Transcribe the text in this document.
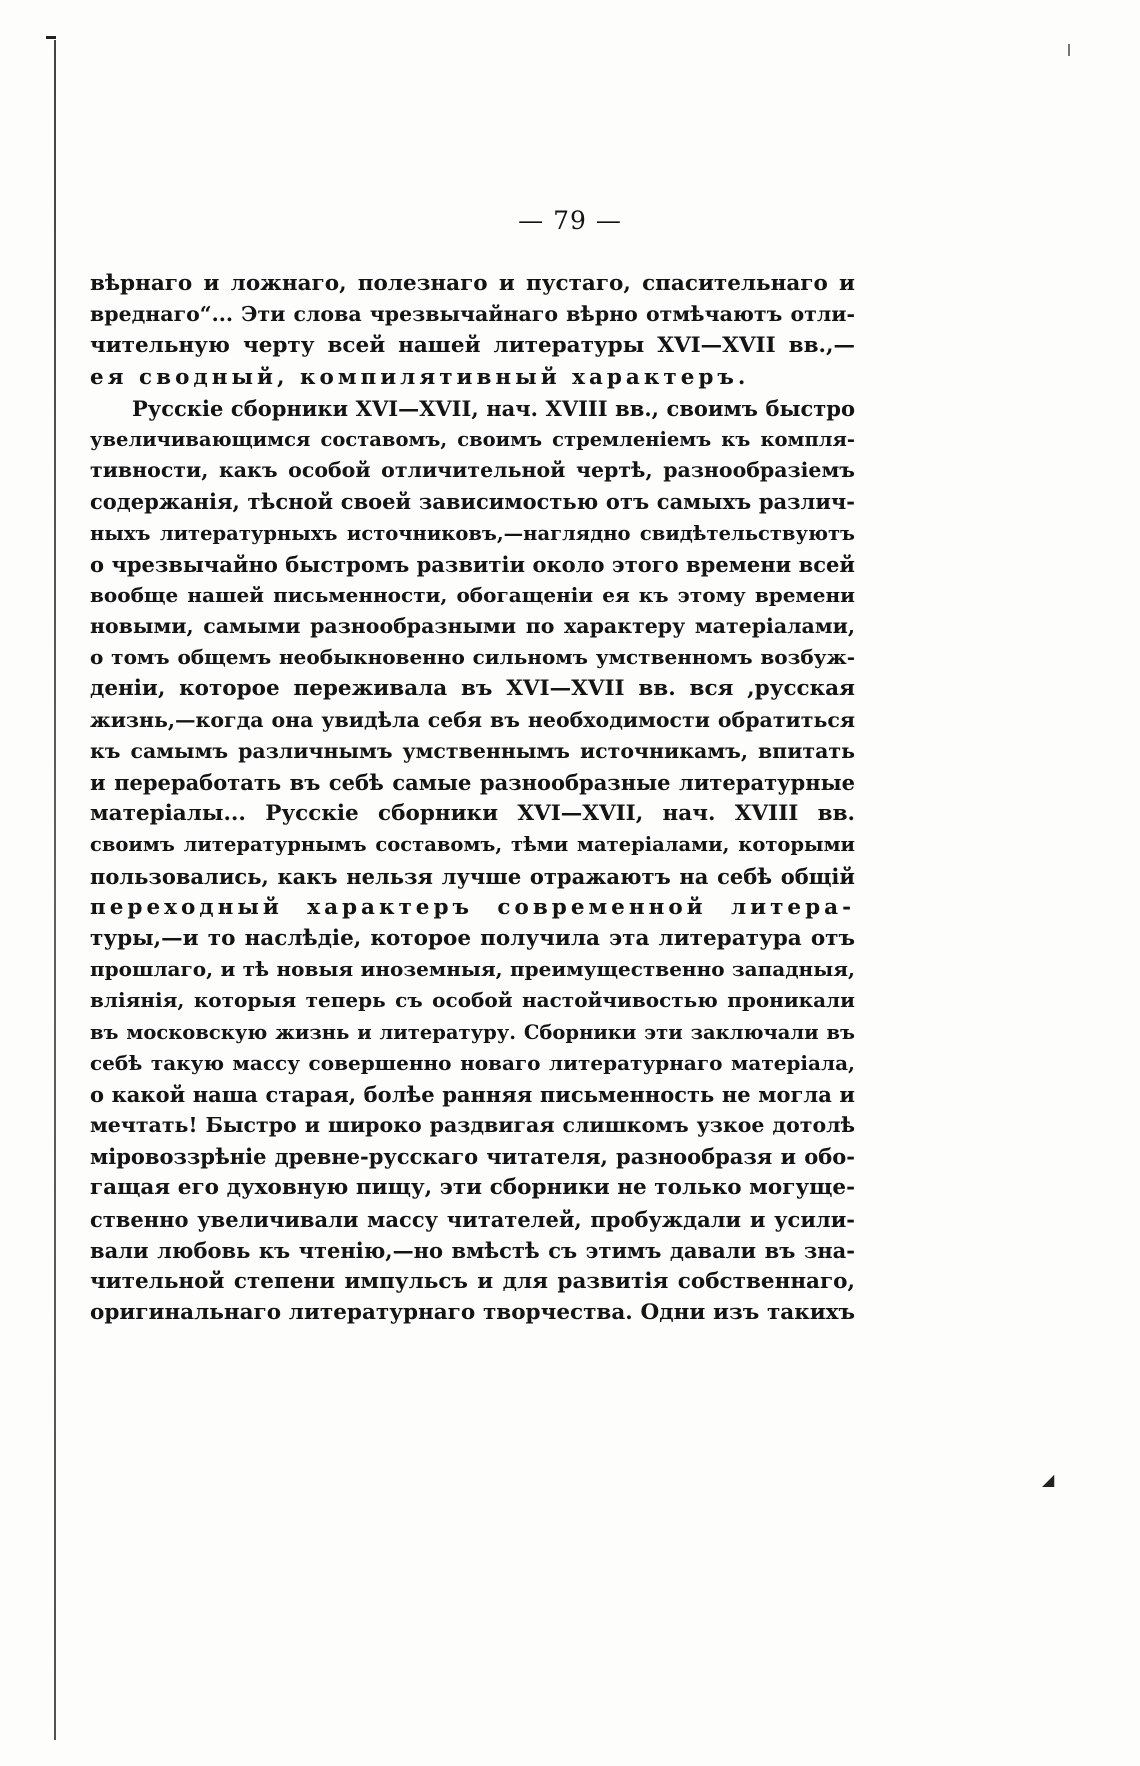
◢
— 79 —
вѣрнаго и ложнаго, полезнаго и пустаго, спасительнаго и
вреднаго“... Эти слова чрезвычайнаго вѣрно отмѣчаютъ отли-
чительную черту всей нашей литературы XVI—XVII вв.,—
ея сводный, компилятивный характеръ.
Русскіе сборники XVI—XVII, нач. XVIII вв., своимъ быстро
увеличивающимся составомъ, своимъ стремленіемъ къ компля-
тивности, какъ особой отличительной чертѣ, разнообразіемъ
содержанія, тѣсной своей зависимостью отъ самыхъ различ-
ныхъ литературныхъ источниковъ,—наглядно свидѣтельствуютъ
о чрезвычайно быстромъ развитіи около этого времени всей
вообще нашей письменности, обогащеніи ея къ этому времени
новыми, самыми разнообразными по характеру матеріалами,
о томъ общемъ необыкновенно сильномъ умственномъ возбуж-
деніи, которое переживала въ XVI—XVII вв. вся ,русская
жизнь,—когда она увидѣла себя въ необходимости обратиться
къ самымъ различнымъ умственнымъ источникамъ, впитать
и переработать въ себѣ самые разнообразные литературные
матеріалы... Русскіе сборники XVI—XVII, нач. XVIII вв.
своимъ литературнымъ составомъ, тѣми матеріалами, которыми
пользовались, какъ нельзя лучше отражаютъ на себѣ общій
переходный характеръ современной литера-
туры,—и то наслѣдіе, которое получила эта литература отъ
прошлаго, и тѣ новыя иноземныя, преимущественно западныя,
вліянія, которыя теперь съ особой настойчивостью проникали
въ московскую жизнь и литературу. Сборники эти заключали въ
себѣ такую массу совершенно новаго литературнаго матеріала,
о какой наша старая, болѣе ранняя письменность не могла и
мечтать! Быстро и широко раздвигая слишкомъ узкое дотолѣ
міровоззрѣніе древне-русскаго читателя, разнообразя и обо-
гащая его духовную пищу, эти сборники не только могуще-
ственно увеличивали массу читателей, пробуждали и усили-
вали любовь къ чтенію,—но вмѣстѣ съ этимъ давали въ зна-
чительной степени импульсъ и для развитія собственнаго,
оригинальнаго литературнаго творчества. Одни изъ такихъ
